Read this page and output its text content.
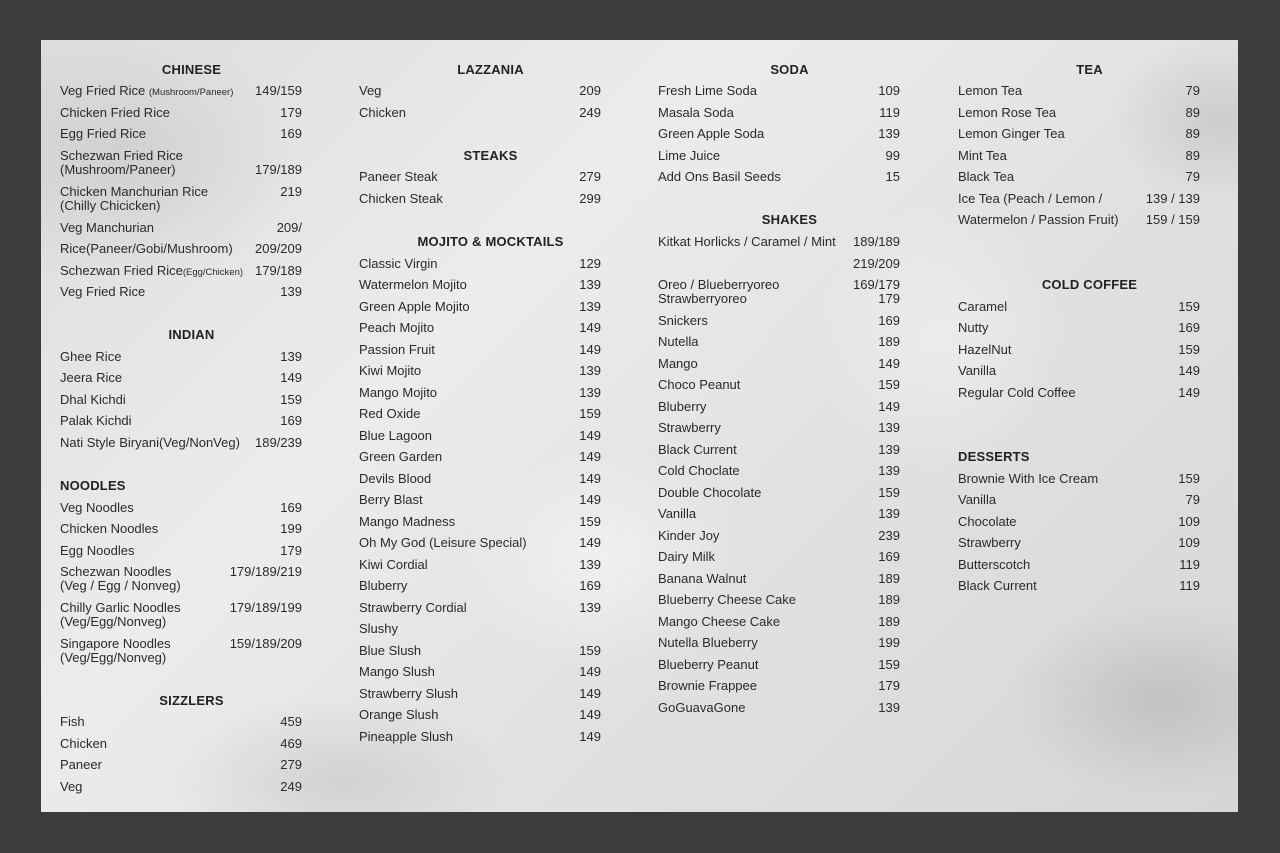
CHINESE
Veg Fried Rice (Mushroom/Paneer) 149/159
Chicken Fried Rice	179
Egg Fried Rice	169
Schezwan Fried Rice
(Mushroom/Paneer)	179/189
Chicken Manchurian Rice	219
(Chilly Chicicken)
Veg Manchurian	209/
Rice(Paneer/Gobi/Mushroom) 209/209
Schezwan Fried Rice(Egg/Chicken) 179/189
Veg Fried Rice	139
INDIAN
Ghee Rice	139
Jeera Rice	149
Dhal Kichdi	159
Palak Kichdi	169
Nati Style Biryani(Veg/NonVeg) 189/239
NOODLES
Veg Noodles	169
Chicken Noodles	199
Egg Noodles	179
Schezwan Noodles	179/189/219
(Veg / Egg / Nonveg)
Chilly Garlic Noodles	179/189/199
(Veg/Egg/Nonveg)
Singapore Noodles	159/189/209
(Veg/Egg/Nonveg)
SIZZLERS
Fish	459
Chicken	469
Paneer	279
Veg	249
LAZZANIA
Veg	209
Chicken	249
STEAKS
Paneer Steak	279
Chicken Steak	299
MOJITO & MOCKTAILS
Classic Virgin	129
Watermelon Mojito	139
Green Apple Mojito	139
Peach Mojito	149
Passion Fruit	149
Kiwi Mojito	139
Mango Mojito	139
Red Oxide	159
Blue Lagoon	149
Green Garden	149
Devils Blood	149
Berry Blast	149
Mango Madness	159
Oh My God (Leisure Special)	149
Kiwi Cordial	139
Bluberry	169
Strawberry Cordial	139
Slushy
Blue Slush	159
Mango Slush	149
Strawberry Slush	149
Orange Slush	149
Pineapple Slush	149
SODA
Fresh Lime Soda	109
Masala Soda	119
Green Apple Soda	139
Lime Juice	99
Add Ons Basil Seeds	15
SHAKES
Kitkat Horlicks / Caramel / Mint 189/189
219/209
Oreo / Blueberryoreo	169/179
Strawberryoreo	179
Snickers	169
Nutella	189
Mango	149
Choco Peanut	159
Bluberry	149
Strawberry	139
Black Current	139
Cold Choclate	139
Double Chocolate	159
Vanilla	139
Kinder Joy	239
Dairy Milk	169
Banana Walnut	189
Blueberry Cheese Cake	189
Mango Cheese Cake	189
Nutella Blueberry	199
Blueberry Peanut	159
Brownie Frappee	179
GoGuavaGone	139
TEA
Lemon Tea	79
Lemon Rose Tea	89
Lemon Ginger Tea	89
Mint Tea	89
Black Tea	79
Ice Tea (Peach / Lemon /	139 / 139
Watermelon / Passion Fruit) 159 / 159
COLD COFFEE
Caramel	159
Nutty	169
HazelNut	159
Vanilla	149
Regular Cold Coffee	149
DESSERTS
Brownie With Ice Cream	159
Vanilla	79
Chocolate	109
Strawberry	109
Butterscotch	119
Black Current	119
